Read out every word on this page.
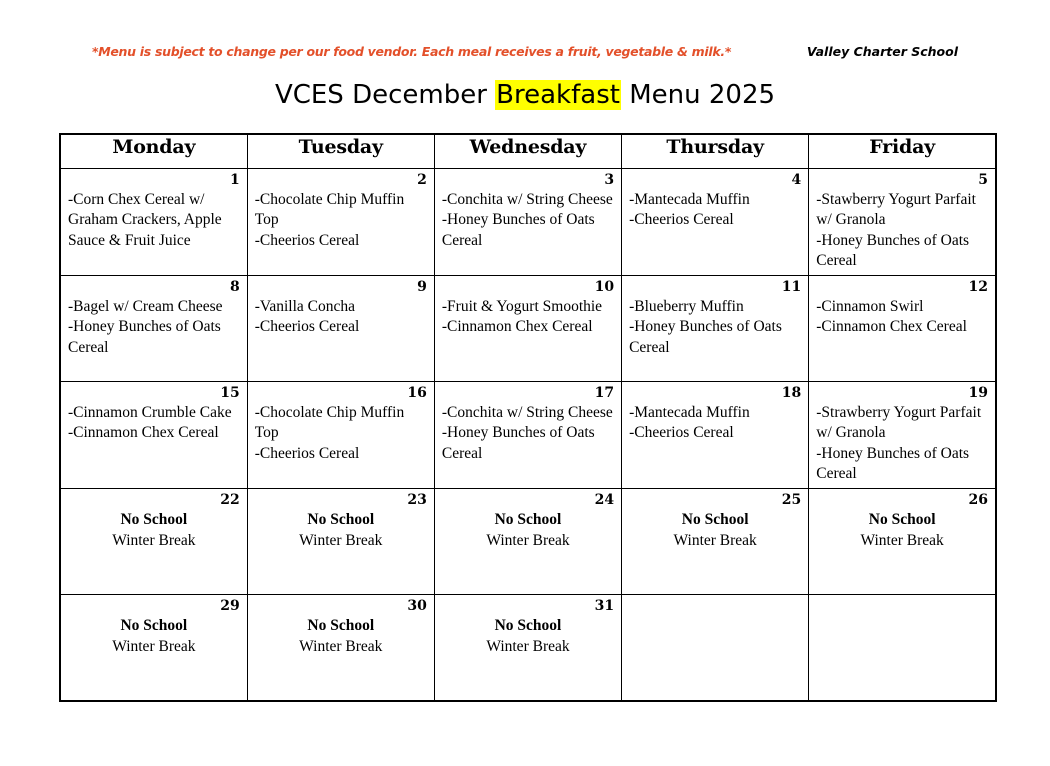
*Menu is subject to change per our food vendor. Each meal receives a fruit, vegetable & milk.*	Valley Charter School
VCES December Breakfast Menu 2025
Monday	Tuesday	Wednesday	Thursday	Friday

1
-Corn Chex Cereal w/ Graham Crackers, Apple Sauce & Fruit Juice	2
-Chocolate Chip Muffin Top
-Cheerios Cereal	3
-Conchita w/ String Cheese
-Honey Bunches of Oats Cereal	4
-Mantecada Muffin
-Cheerios Cereal	5
-Stawberry Yogurt Parfait w/ Granola
-Honey Bunches of Oats Cereal

8
-Bagel w/ Cream Cheese
-Honey Bunches of Oats Cereal	9
-Vanilla Concha
-Cheerios Cereal	10
-Fruit & Yogurt Smoothie
-Cinnamon Chex Cereal	11
-Blueberry Muffin
-Honey Bunches of Oats Cereal	12
-Cinnamon Swirl
-Cinnamon Chex Cereal

15
-Cinnamon Crumble Cake
-Cinnamon Chex Cereal	16
-Chocolate Chip Muffin Top
-Cheerios Cereal	17
-Conchita w/ String Cheese
-Honey Bunches of Oats Cereal	18
-Mantecada Muffin
-Cheerios Cereal	19
-Strawberry Yogurt Parfait w/ Granola
-Honey Bunches of Oats Cereal

22
No School
Winter Break	23
No School
Winter Break	24
No School
Winter Break	25
No School
Winter Break	26
No School
Winter Break

29
No School
Winter Break	30
No School
Winter Break	31
No School
Winter Break		
